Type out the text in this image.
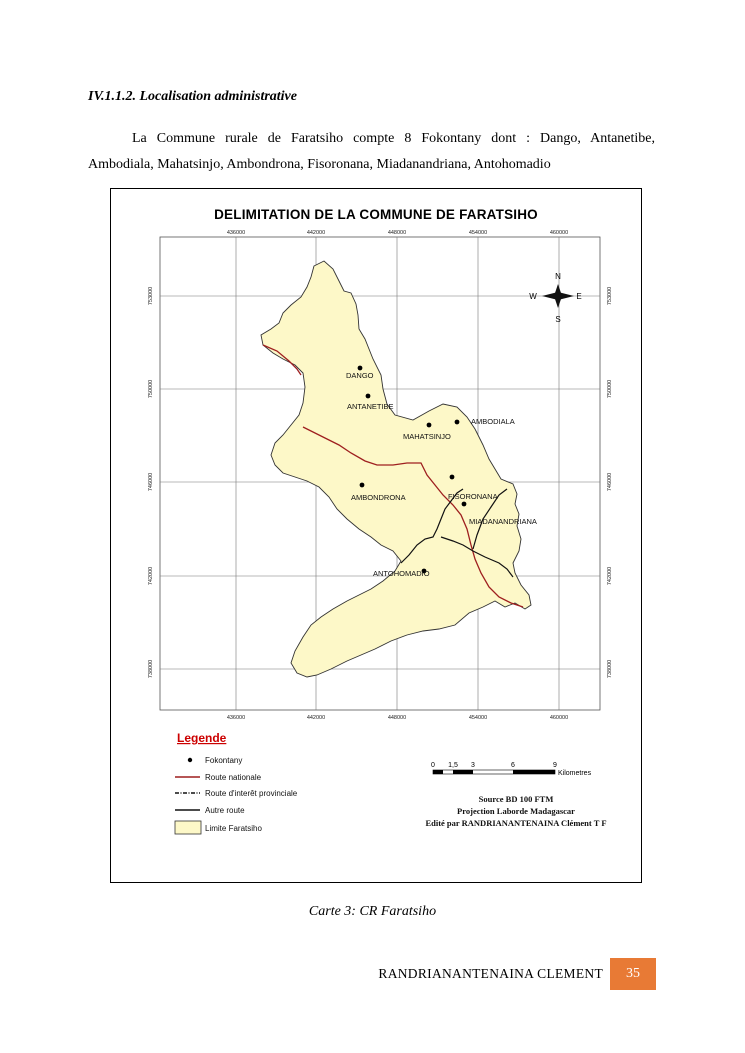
IV.1.1.2. Localisation administrative
La Commune rurale de Faratsiho compte 8 Fokontany dont : Dango, Antanetibe,
Ambodiala, Mahatsinjo, Ambondrona, Fisoronana, Miadanandriana, Antohomadio
DELIMITATION DE LA COMMUNE DE FARATSIHO
436000	442000	448000	454000	460000
436000	442000	448000	454000	460000
753000
750000
746000
742000
738000
753000
750000
746000
742000
738000
DANGO
ANTANETIBE
MAHATSINJO
AMBODIALA
AMBONDRONA	FISORONANA
MIADANANDRIANA
ANTOHOMADIO
N
S
W	E
Legende
Fokontany
Route nationale
Route d'interêt provinciale
Autre route
Limite Faratsiho
0 1,5 3	6	9
Kilometres
Source BD 100 FTM
Projection Laborde Madagascar
Edité par RANDRIANANTENAINA Clément T F
Carte 3: CR Faratsiho
RANDRIANANTENAINA CLEMENT	35
